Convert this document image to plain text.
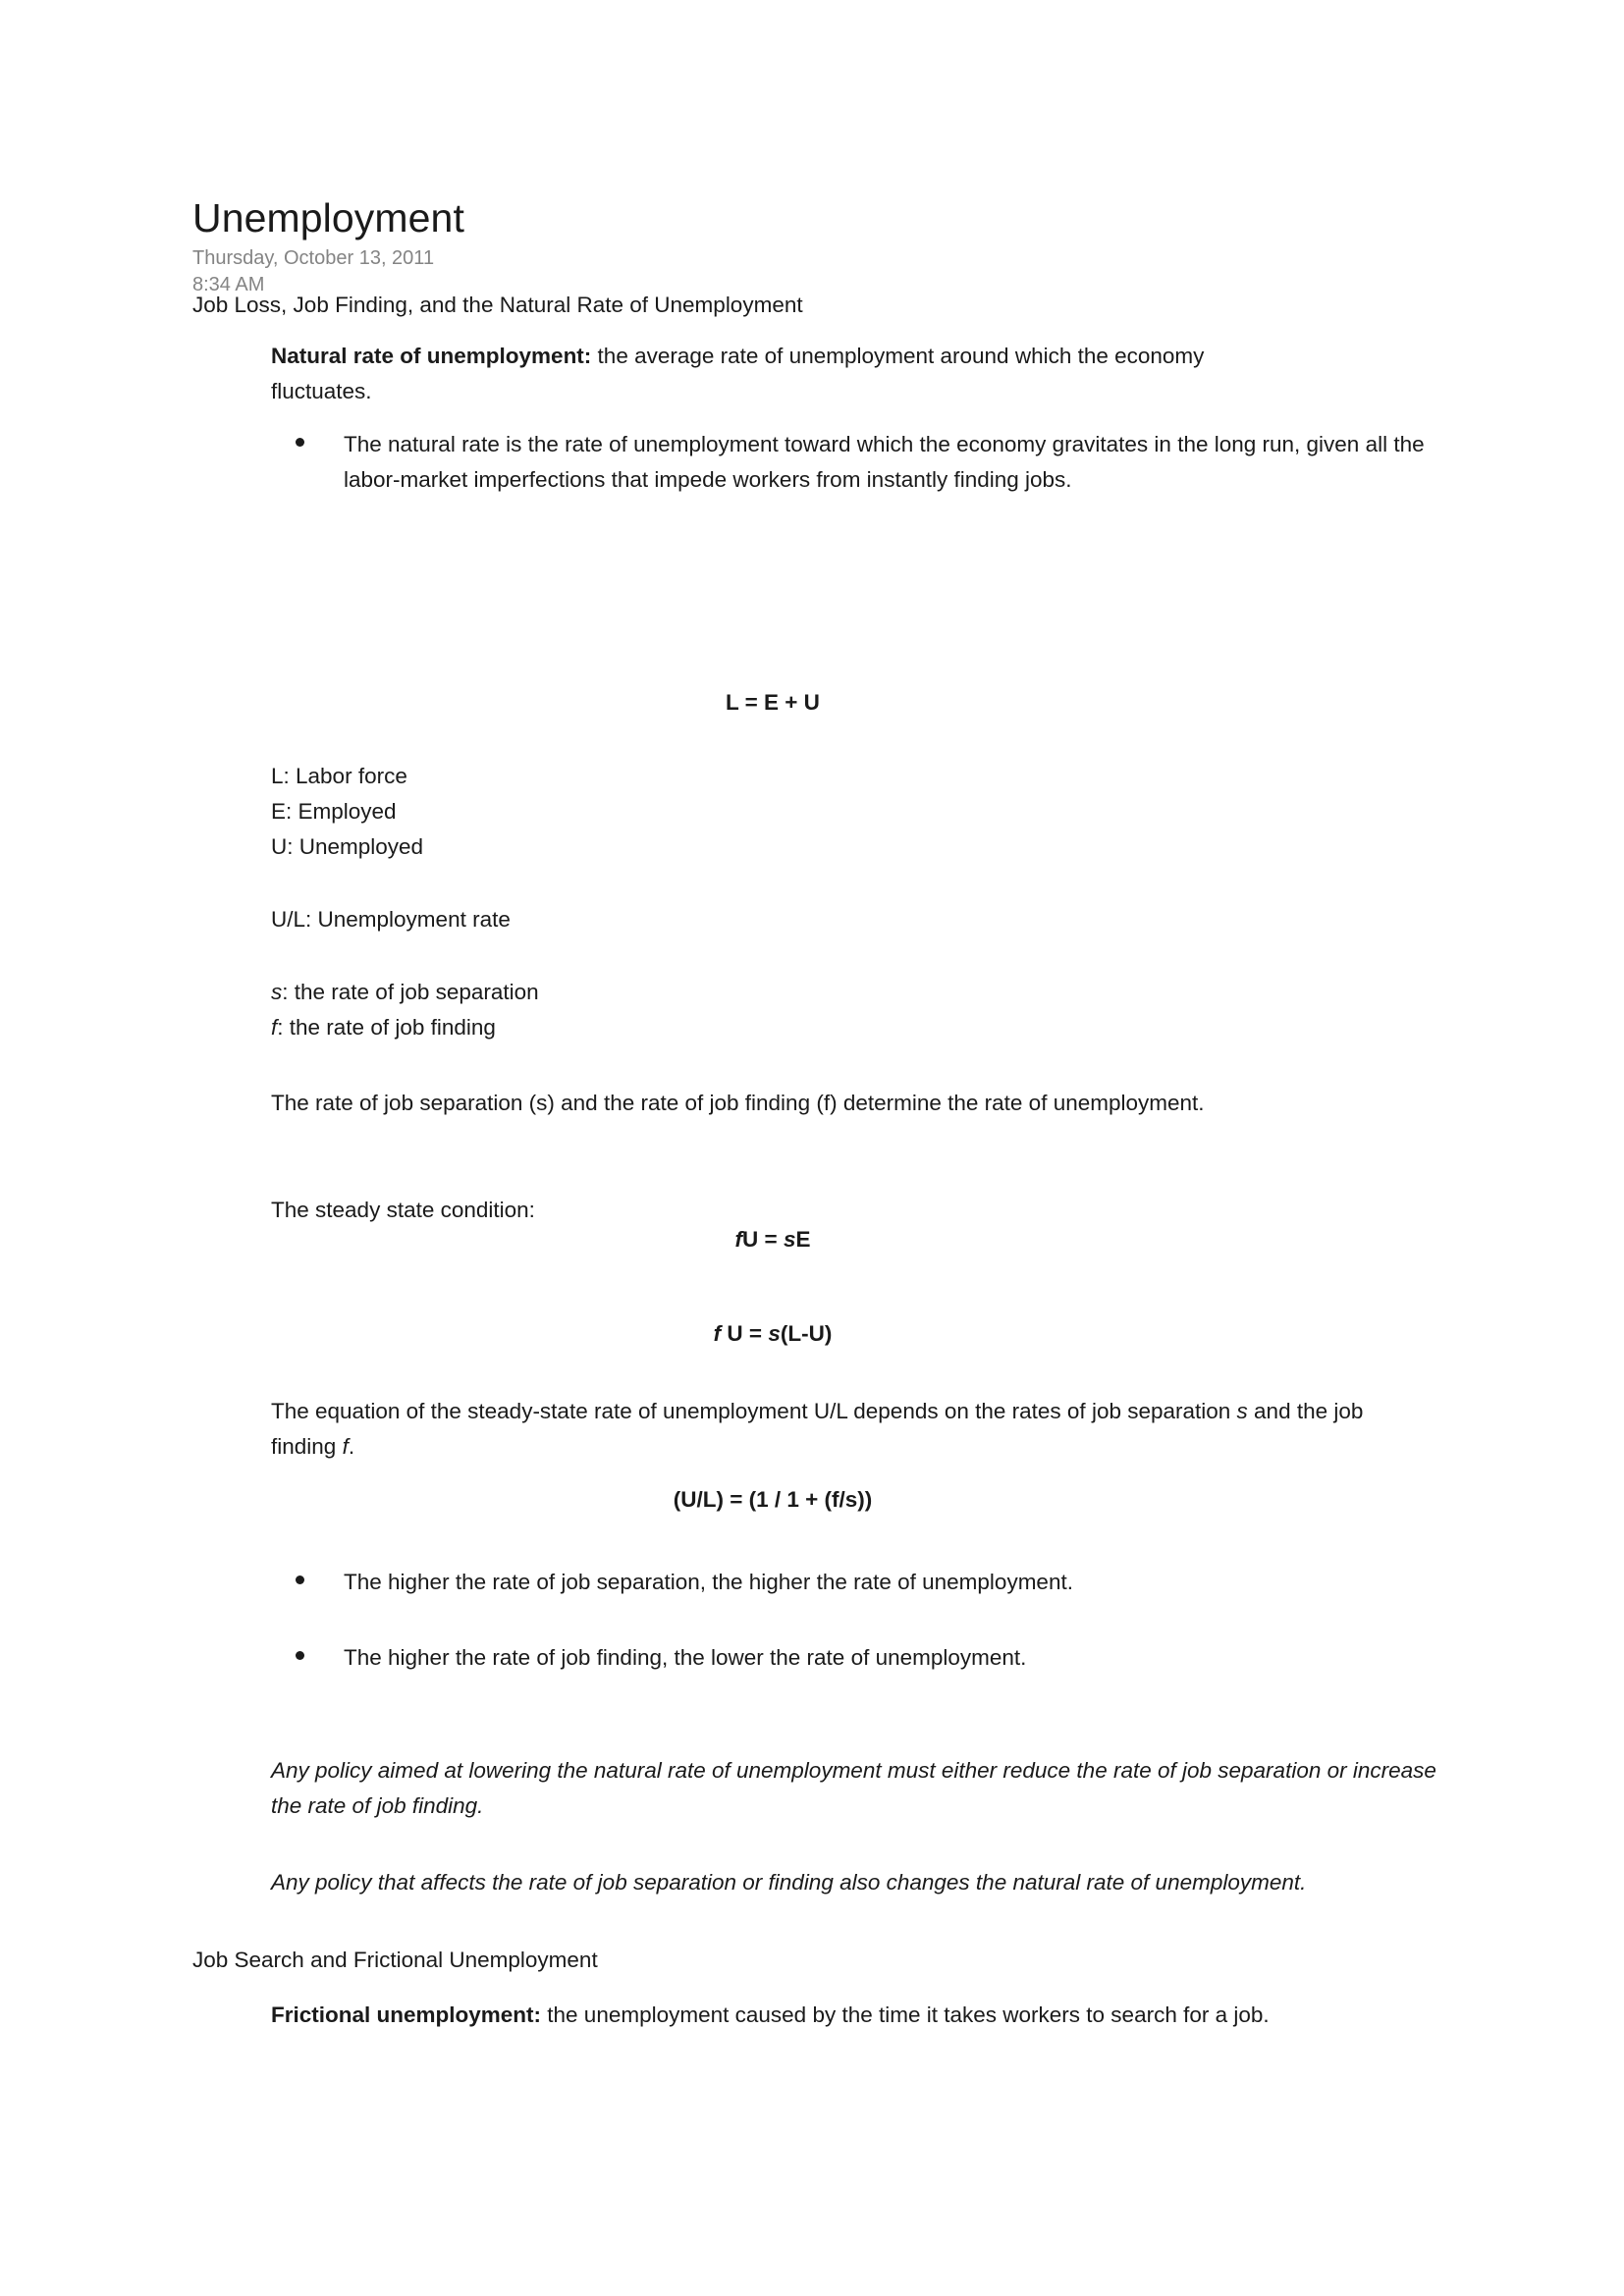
Unemployment

Thursday, October 13, 2011

8:34 AM

Job Loss, Job Finding, and the Natural Rate of Unemployment
Natural rate of unemployment: the average rate of unemployment around which the economy fluctuates.
The natural rate is the rate of unemployment toward which the economy gravitates in the long run, given all the labor-market imperfections that impede workers from instantly finding jobs.
L = E + U
L: Labor force
E: Employed
U: Unemployed
U/L: Unemployment rate
s: the rate of job separation
f: the rate of job finding
The rate of job separation (s) and the rate of job finding (f) determine the rate of unemployment.
The steady state condition:
fU = sE
f U = s(L-U)
The equation of the steady-state rate of unemployment U/L depends on the rates of job separation s and the job finding f.
(U/L) = (1 / 1 + (f/s))
The higher the rate of job separation, the higher the rate of unemployment.
The higher the rate of job finding, the lower the rate of unemployment.
Any policy aimed at lowering the natural rate of unemployment must either reduce the rate of job separation or increase the rate of job finding.
Any policy that affects the rate of job separation or finding also changes the natural rate of unemployment.
Job Search and Frictional Unemployment
Frictional unemployment: the unemployment caused by the time it takes workers to search for a job.
